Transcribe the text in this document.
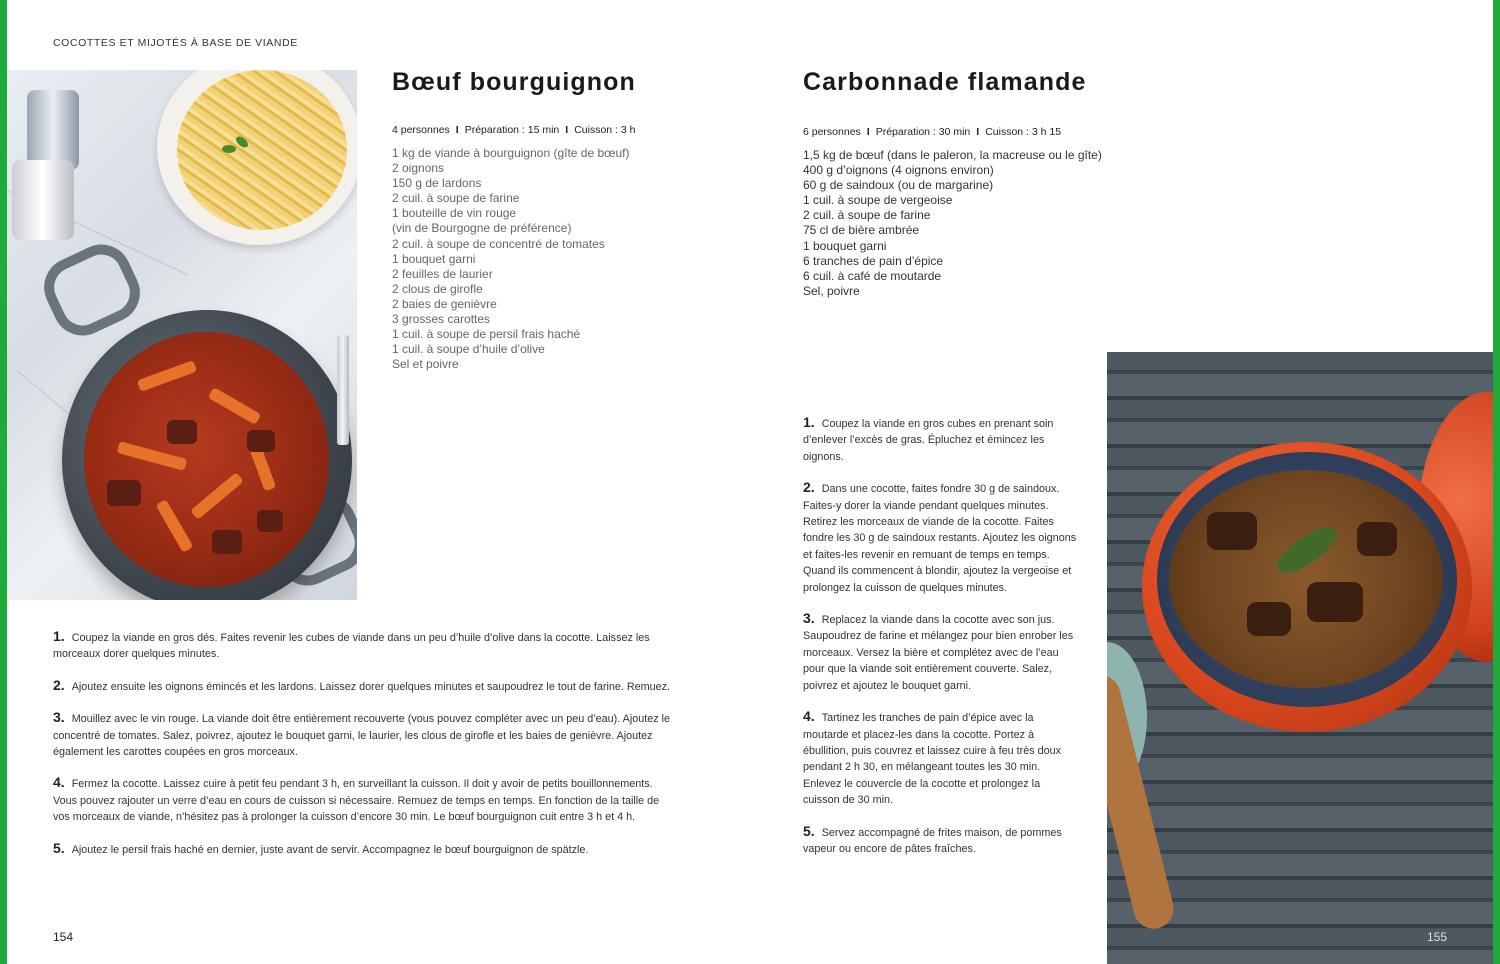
COCOTTES ET MIJOTÉS À BASE DE VIANDE
Bœuf bourguignon
4 personnes I Préparation : 15 min I Cuisson : 3 h
1 kg de viande à bourguignon (gîte de bœuf)
2 oignons
150 g de lardons
2 cuil. à soupe de farine
1 bouteille de vin rouge
(vin de Bourgogne de préférence)
2 cuil. à soupe de concentré de tomates
1 bouquet garni
2 feuilles de laurier
2 clous de girofle
2 baies de genièvre
3 grosses carottes
1 cuil. à soupe de persil frais haché
1 cuil. à soupe d’huile d’olive
Sel et poivre
1. Coupez la viande en gros dés. Faites revenir les cubes de viande dans un peu d’huile d’olive dans la cocotte. Laissez les morceaux dorer quelques minutes.
2. Ajoutez ensuite les oignons émincés et les lardons. Laissez dorer quelques minutes et saupoudrez le tout de farine. Remuez.
3. Mouillez avec le vin rouge. La viande doit être entièrement recouverte (vous pouvez compléter avec un peu d’eau). Ajoutez le concentré de tomates. Salez, poivrez, ajoutez le bouquet garni, le laurier, les clous de girofle et les baies de genièvre. Ajoutez également les carottes coupées en gros morceaux.
4. Fermez la cocotte. Laissez cuire à petit feu pendant 3 h, en surveillant la cuisson. Il doit y avoir de petits bouillonnements. Vous pouvez rajouter un verre d’eau en cours de cuisson si nécessaire. Remuez de temps en temps. En fonction de la taille de vos morceaux de viande, n’hésitez pas à prolonger la cuisson d’encore 30 min. Le bœuf bourguignon cuit entre 3 h et 4 h.
5. Ajoutez le persil frais haché en dernier, juste avant de servir. Accompagnez le bœuf bourguignon de spätzle.
154
Carbonnade flamande
6 personnes I Préparation : 30 min I Cuisson : 3 h 15
1,5 kg de bœuf (dans le paleron, la macreuse ou le gîte)
400 g d’oignons (4 oignons environ)
60 g de saindoux (ou de margarine)
1 cuil. à soupe de vergeoise
2 cuil. à soupe de farine
75 cl de bière ambrée
1 bouquet garni
6 tranches de pain d’épice
6 cuil. à café de moutarde
Sel, poivre
1. Coupez la viande en gros cubes en prenant soin d’enlever l’excès de gras. Épluchez et émincez les oignons.
2. Dans une cocotte, faites fondre 30 g de saindoux. Faites-y dorer la viande pendant quelques minutes. Retirez les morceaux de viande de la cocotte. Faites fondre les 30 g de saindoux restants. Ajoutez les oignons et faites-les revenir en remuant de temps en temps. Quand ils commencent à blondir, ajoutez la vergeoise et prolongez la cuisson de quelques minutes.
3. Replacez la viande dans la cocotte avec son jus. Saupoudrez de farine et mélangez pour bien enrober les morceaux. Versez la bière et complétez avec de l’eau pour que la viande soit entièrement couverte. Salez, poivrez et ajoutez le bouquet garni.
4. Tartinez les tranches de pain d’épice avec la moutarde et placez-les dans la cocotte. Portez à ébullition, puis couvrez et laissez cuire à feu très doux pendant 2 h 30, en mélangeant toutes les 30 min. Enlevez le couvercle de la cocotte et prolongez la cuisson de 30 min.
5. Servez accompagné de frites maison, de pommes vapeur ou encore de pâtes fraîches.
155
